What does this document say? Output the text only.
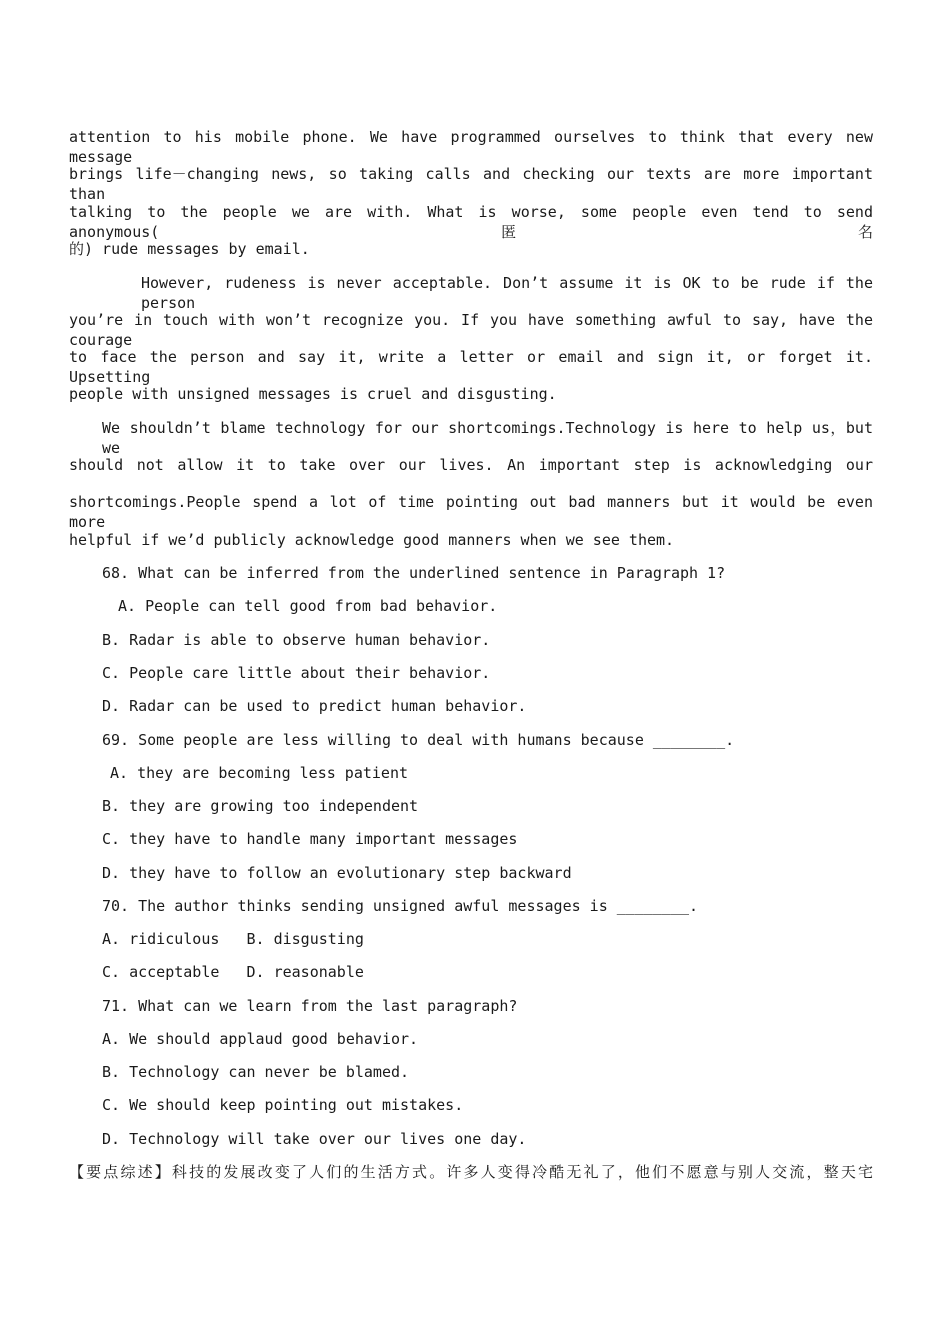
attention to his mobile phone. We have programmed ourselves to think that every new message
brings life－changing news, so taking calls and checking our texts are more important than
talking to the people we are with. What is worse, some people even tend to send anonymous(匿名
的) rude messages by email.
However, rudeness is never acceptable. Don’t assume it is OK to be rude if the person
you’re in touch with won’t recognize you. If you have something awful to say, have the courage
to face the person and say it, write a letter or email and sign it, or forget it. Upsetting
people with unsigned messages is cruel and disgusting.
We shouldn’t blame technology for our shortcomings.Technology is here to help us，but we
should not allow it to take over our lives. An important step is acknowledging our
shortcomings.People spend a lot of time pointing out bad manners but it would be even more
helpful if we’d publicly acknowledge good manners when we see them.
68. What can be inferred from the underlined sentence in Paragraph 1?
A. People can tell good from bad behavior.
B. Radar is able to observe human behavior.
C. People care little about their behavior.
D. Radar can be used to predict human behavior.
69. Some people are less willing to deal with humans because ________.
A. they are becoming less patient
B. they are growing too independent
C. they have to handle many important messages
D. they have to follow an evolutionary step backward
70. The author thinks sending unsigned awful messages is ________.
A. ridiculous   B. disgusting
C. acceptable   D. reasonable
71. What can we learn from the last paragraph?
A. We should applaud good behavior.
B. Technology can never be blamed.
C. We should keep pointing out mistakes.
D. Technology will take over our lives one day.
【要点综述】科技的发展改变了人们的生活方式。许多人变得冷酷无礼了，他们不愿意与别人交流，整天宅
